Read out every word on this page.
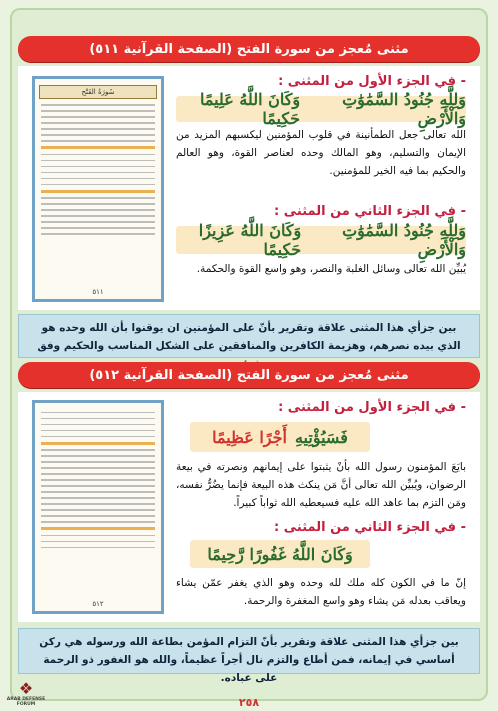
مثنى مُعجز من سورة الفتح (الصفحة القرآنية ٥١١)
- في الجزء الأول من المثنى :
وَلِلَّهِ جُنُودُ السَّمَٰوَٰتِ وَالْأَرْضِ
وَكَانَ اللَّهُ عَلِيمًا حَكِيمًا
الله تعالى جعل الطمأنينة في قلوب المؤمنين ليكسبهم المزيد من الإيمان والتسليم، وهو المالك وحده لعناصر القوة، وهو العالم والحكيم بما فيه الخير للمؤمنين.
- في الجزء الثاني من المثنى :
وَلِلَّهِ جُنُودُ السَّمَٰوَٰتِ وَالْأَرْضِ
وَكَانَ اللَّهُ عَزِيزًا حَكِيمًا
يُبيِّن الله تعالى وسائل الغلبة والنصر، وهو واسع القوة والحكمة.
سُورَةُ الفَتْح
٥١١
بين جزأي هذا المثنى علاقة وتقرير بأنّ على المؤمنين ان يوقنوا بأن الله وحده هو الذي بيده نصرهم، وهزيمة الكافرين والمنافقين على الشكل المناسب والحكيم وفق
مثنى مُعجز من سورة الفتح (الصفحة القرآنية ٥١٢)
- في الجزء الأول من المثنى :
فَسَيُؤْتِيهِ
أَجْرًا عَظِيمًا
بايَعَ المؤمنون رسول الله بأنْ يثبتوا على إيمانهم ونصرته في بيعة الرضوان، ويُبيِّن الله تعالى أنَّ مَن ينكث هذه البيعة فإنما يضُرُّ نفسه، ومَن التزم بما عاهد الله عليه فسيعطيه الله ثواباً كبيراً.
- في الجزء الثاني من المثنى :
وَكَانَ اللَّهُ غَفُورًا رَّحِيمًا
إنّ ما في الكون كله ملك لله وحده وهو الذي يغفر عمّن يشاء ويعاقب بعدله مَن يشاء وهو واسع المغفرة والرحمة.
٥١٢
بين جزأي هذا المثنى علاقة وتقرير بأنّ التزام المؤمن بطاعة الله ورسوله هي ركن أساسي في إيمانه، فمن أطاع والتزم نال أجراً عظيماً، والله هو الغفور ذو الرحمة على عباده.
٢٥٨
❖
ARAB DEFENSE FORUM
